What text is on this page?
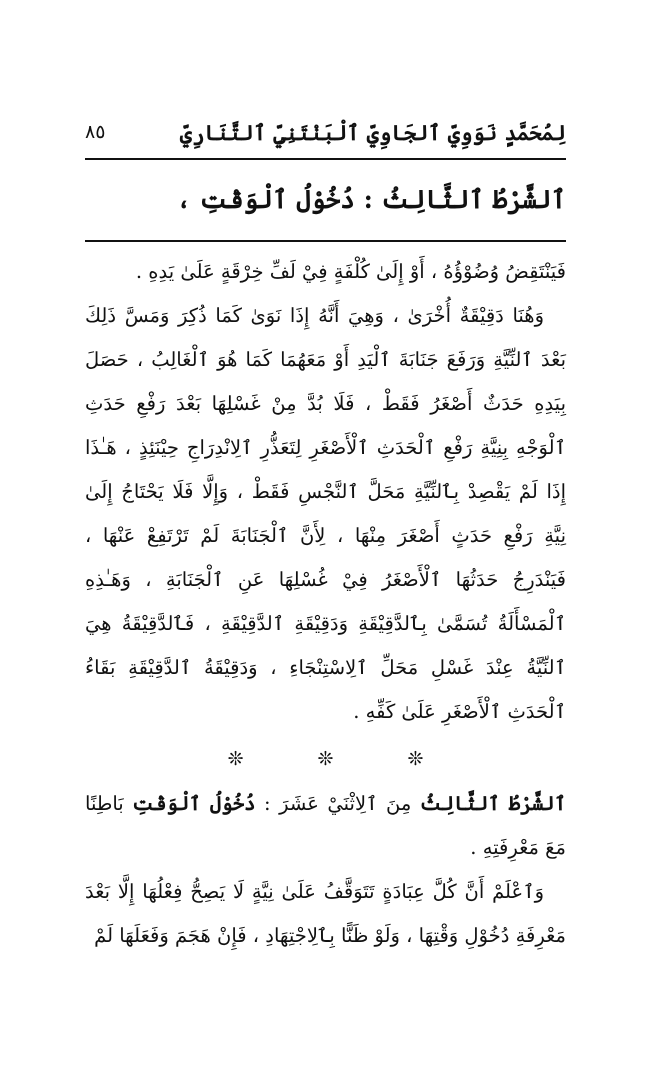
لِمُحَمَّدٍ نَوَوِيِّ ٱلجَاوِيِّ ٱلْبَنْتَنِيِّ ٱلتَّنَارِيِّ
٨٥
ٱلشَّرْطُ ٱلثَّالِثُ : دُخُوْلُ ٱلْوَقْتِ ،

فَيَنْتَقِضُ وُضُوْؤُهُ ، أَوْ إِلَىٰ كُلْفَةٍ فِيْ لَفِّ خِرْقَةٍ عَلَىٰ يَدِهِ .

وَهُنَا دَقِيْقَةٌ أُخْرَىٰ ، وَهِيَ أَنَّهُ إِذَا نَوَىٰ كَمَا ذُكِرَ وَمَسَّ ذَلِكَ بَعْدَ ٱلنِّيَّةِ وَرَفَعَ جَنَابَةَ ٱلْيَدِ أَوْ مَعَهُمَا كَمَا هُوَ ٱلْغَالِبُ ، حَصَلَ بِيَدِهِ حَدَثٌ أَصْغَرُ فَقَطْ ، فَلَا بُدَّ مِنْ غَسْلِهَا بَعْدَ رَفْعِ حَدَثِ ٱلْوَجْهِ بِنِيَّةِ رَفْعِ ٱلْحَدَثِ ٱلْأَصْغَرِ لِتَعَذُّرِ ٱلِانْدِرَاجِ حِيْنَئِذٍ ، هَـٰذَا إِذَا لَمْ يَقْصِدْ بِٱلنِّيَّةِ مَحَلَّ ٱلنَّجْسِ فَقَطْ ، وَإِلَّا فَلَا يَحْتَاجُ إِلَىٰ نِيَّةِ رَفْعِ حَدَثٍ أَصْغَرَ مِنْهَا ، لِأَنَّ ٱلْجَنَابَةَ لَمْ تَرْتَفِعْ عَنْهَا ، فَيَنْدَرِجُ حَدَثُهَا ٱلْأَصْغَرُ فِيْ غُسْلِهَا عَنِ ٱلْجَنَابَةِ ، وَهَـٰذِهِ ٱلْمَسْأَلَةُ تُسَمَّىٰ بِٱلدَّقِيْقَةِ وَدَقِيْقَةِ ٱلدَّقِيْقَةِ ، فَٱلدَّقِيْقَةُ هِيَ ٱلنِّيَّةُ عِنْدَ غَسْلِ مَحَلِّ ٱلِاسْتِنْجَاءِ ، وَدَقِيْقَةُ ٱلدَّقِيْقَةِ بَقَاءُ ٱلْحَدَثِ ٱلْأَصْغَرِ عَلَىٰ كَفِّهِ .

❊
❊
❊

ٱلشَّرْطُ ٱلثَّالِثُ مِنَ ٱلِاثْنَيْ عَشَرَ : دُخُوْلُ ٱلْوَقْتِ بَاطِنًا مَعَ مَعْرِفَتِهِ .

وَٱعْلَمْ أَنَّ كُلَّ عِبَادَةٍ تَتَوَقَّفُ عَلَىٰ نِيَّةٍ لَا يَصِحُّ فِعْلُهَا إِلَّا بَعْدَ مَعْرِفَةِ دُخُوْلِ وَقْتِهَا ، وَلَوْ ظَنًّا بِٱلِاجْتِهَادِ ، فَإِنْ هَجَمَ وَفَعَلَهَا لَمْ
